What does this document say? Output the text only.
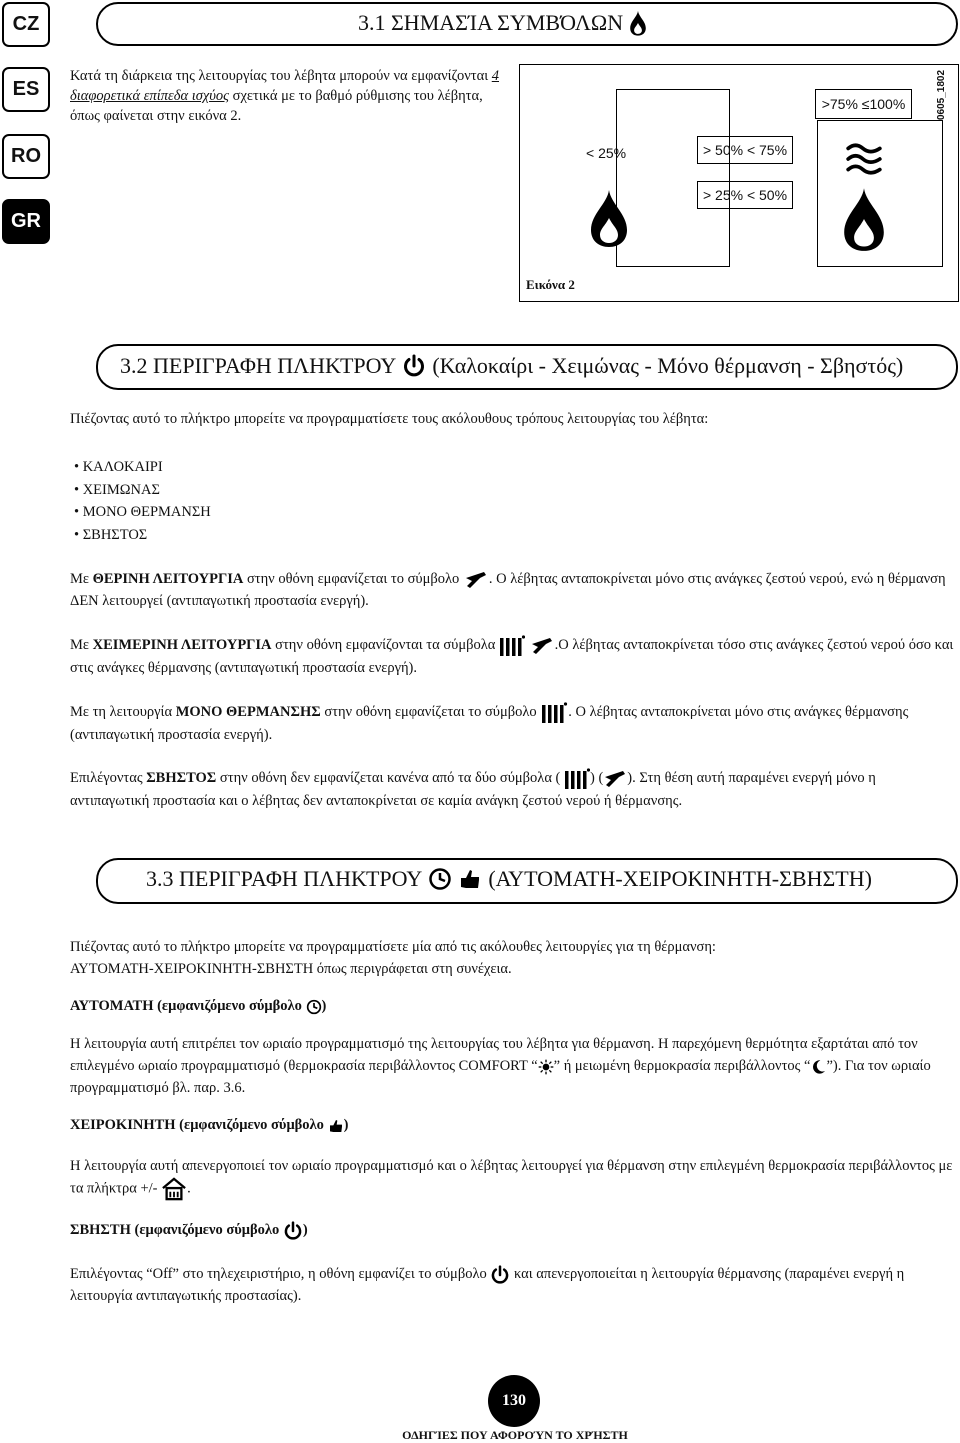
CZ
ES
RO
GR
3.1 ΣΗΜΑΣΊΑ ΣΥΜΒΌΛΩΝ

Κατά τη διάρκεια της λειτουργίας του λέβητα μπορούν να εμφανίζονται 4 διαφορετικά επίπεδα ισχύος σχετικά με το βαθμό ρύθμισης του λέβητα, όπως φαίνεται στην εικόνα 2.

< 25%	> 50% < 75%
> 25% < 50%
>75% ≤100%	0605_1802
Εικόνα 2
3.2 ΠΕΡΙΓΡΑΦΗ ΠΛΗΚΤΡΟΥ (Καλοκαίρι - Χειμώνας - Μόνο θέρμανση - Σβηστός)

Πιέζοντας αυτό το πλήκτρο μπορείτε να προγραμματίσετε τους ακόλουθους τρόπους λειτουργίας του λέβητα:

• ΚΑΛΟΚΑΙΡΙ
• ΧΕΙΜΩΝΑΣ
• ΜΟΝΟ ΘΕΡΜΑΝΣΗ
• ΣΒΗΣΤΟΣ

Με ΘΕΡΙΝΗ ΛΕΙΤΟΥΡΓΙΑ στην οθόνη εμφανίζεται το σύμβολο . Ο λέβητας ανταποκρίνεται μόνο στις ανάγκες ζεστού νερού, ενώ η θέρμανση ΔΕΝ λειτουργεί (αντιπαγωτική προστασία ενεργή).

Με ΧΕΙΜΕΡΙΝΗ ΛΕΙΤΟΥΡΓΙΑ στην οθόνη εμφανίζονται τα σύμβολα	.Ο λέβητας ανταποκρίνεται τόσο στις ανάγκες ζεστού νερού όσο και στις ανάγκες θέρμανσης (αντιπαγωτική προστασία ενεργή).

Με τη λειτουργία ΜΟΝΟ ΘΕΡΜΑΝΣΗΣ στην οθόνη εμφανίζεται το σύμβολο . Ο λέβητας ανταποκρίνεται μόνο στις ανάγκες θέρμανσης (αντιπαγωτική προστασία ενεργή).

Επιλέγοντας ΣΒΗΣΤΟΣ στην οθόνη δεν εμφανίζεται κανένα από τα δύο σύμβολα ( ) ( ). Στη θέση αυτή παραμένει ενεργή μόνο η αντιπαγωτική προστασία και ο λέβητας δεν ανταποκρίνεται σε καμία ανάγκη ζεστού νερού ή θέρμανσης.

3.3 ΠΕΡΙΓΡΑΦΗ ΠΛΗΚΤΡΟΥ	(ΑΥΤΟΜΑΤΗ-ΧΕΙΡΟΚΙΝΗΤΗ-ΣΒΗΣΤΗ)

Πιέζοντας αυτό το πλήκτρο μπορείτε να προγραμματίσετε μία από τις ακόλουθες λειτουργίες για τη θέρμανση:
ΑΥΤΟΜΑΤΗ-ΧΕΙΡΟΚΙΝΗΤΗ-ΣΒΗΣΤΗ όπως περιγράφεται στη συνέχεια.

ΑΥΤΟΜΑΤΗ (εμφανιζόμενο σύμβολο )

Η λειτουργία αυτή επιτρέπει τον ωριαίο προγραμματισμό της λειτουργίας του λέβητα για θέρμανση. Η παρεχόμενη θερμότητα εξαρτάται από τον επιλεγμένο ωριαίο προγραμματισμό (θερμοκρασία περιβάλλοντος COMFORT “ ” ή μειωμένη θερμοκρασία περιβάλλοντος “ ”). Για τον ωριαίο προγραμματισμό βλ. παρ. 3.6.

ΧΕΙΡΟΚΙΝΗΤΗ (εμφανιζόμενο σύμβολο )

Η λειτουργία αυτή απενεργοποιεί τον ωριαίο προγραμματισμό και ο λέβητας λειτουργεί για θέρμανση στην επιλεγμένη θερμοκρασία περιβάλλοντος με τα πλήκτρα +/- .

ΣΒΗΣΤΗ (εμφανιζόμενο σύμβολο )

Επιλέγοντας “Off” στο τηλεχειριστήριο, η οθόνη εμφανίζει το σύμβολο  και απενεργοποιείται η λειτουργία θέρμανσης (παραμένει ενεργή η λειτουργία αντιπαγωτικής προστασίας).

130
ΟΔΗΓΊΕΣ ΠΟΥ ΑΦΟΡΟΎΝ ΤΟ ΧΡΉΣΤΗ
